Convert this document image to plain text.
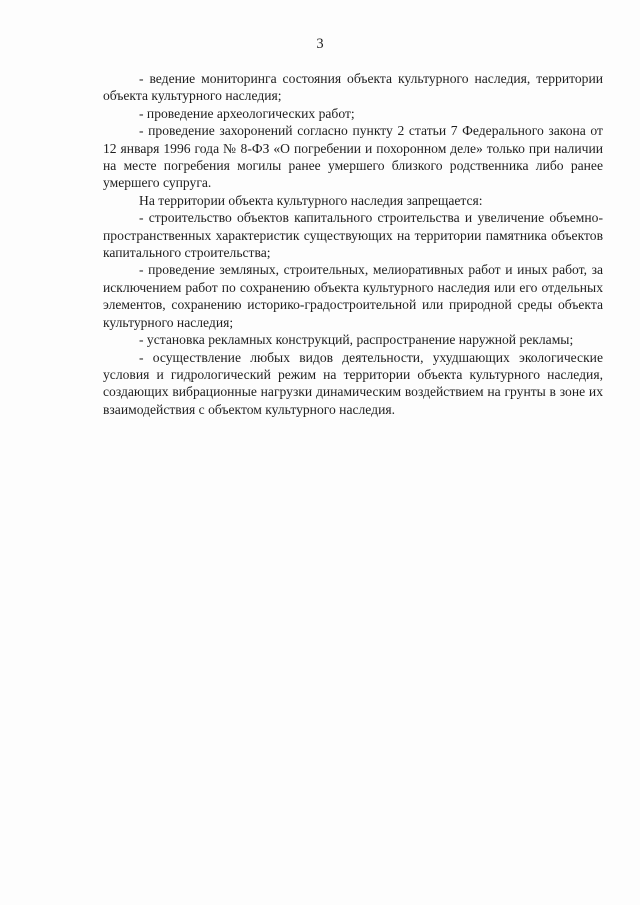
3

- ведение мониторинга состояния объекта культурного наследия, территории объекта культурного наследия;

- проведение археологических работ;

- проведение захоронений согласно пункту 2 статьи 7 Федерального закона от 12 января 1996 года № 8-ФЗ «О погребении и похоронном деле» только при наличии на месте погребения могилы ранее умершего близкого родственника либо ранее умершего супруга.

На территории объекта культурного наследия запрещается:

- строительство объектов капитального строительства и увеличение объемно-пространственных характеристик существующих на территории памятника объектов капитального строительства;

- проведение земляных, строительных, мелиоративных работ и иных работ, за исключением работ по сохранению объекта культурного наследия или его отдельных элементов, сохранению историко-градостроительной или природной среды объекта культурного наследия;

- установка рекламных конструкций, распространение наружной рекламы;

- осуществление любых видов деятельности, ухудшающих экологические условия и гидрологический режим на территории объекта культурного наследия, создающих вибрационные нагрузки динамическим воздействием на грунты в зоне их взаимодействия с объектом культурного наследия.
